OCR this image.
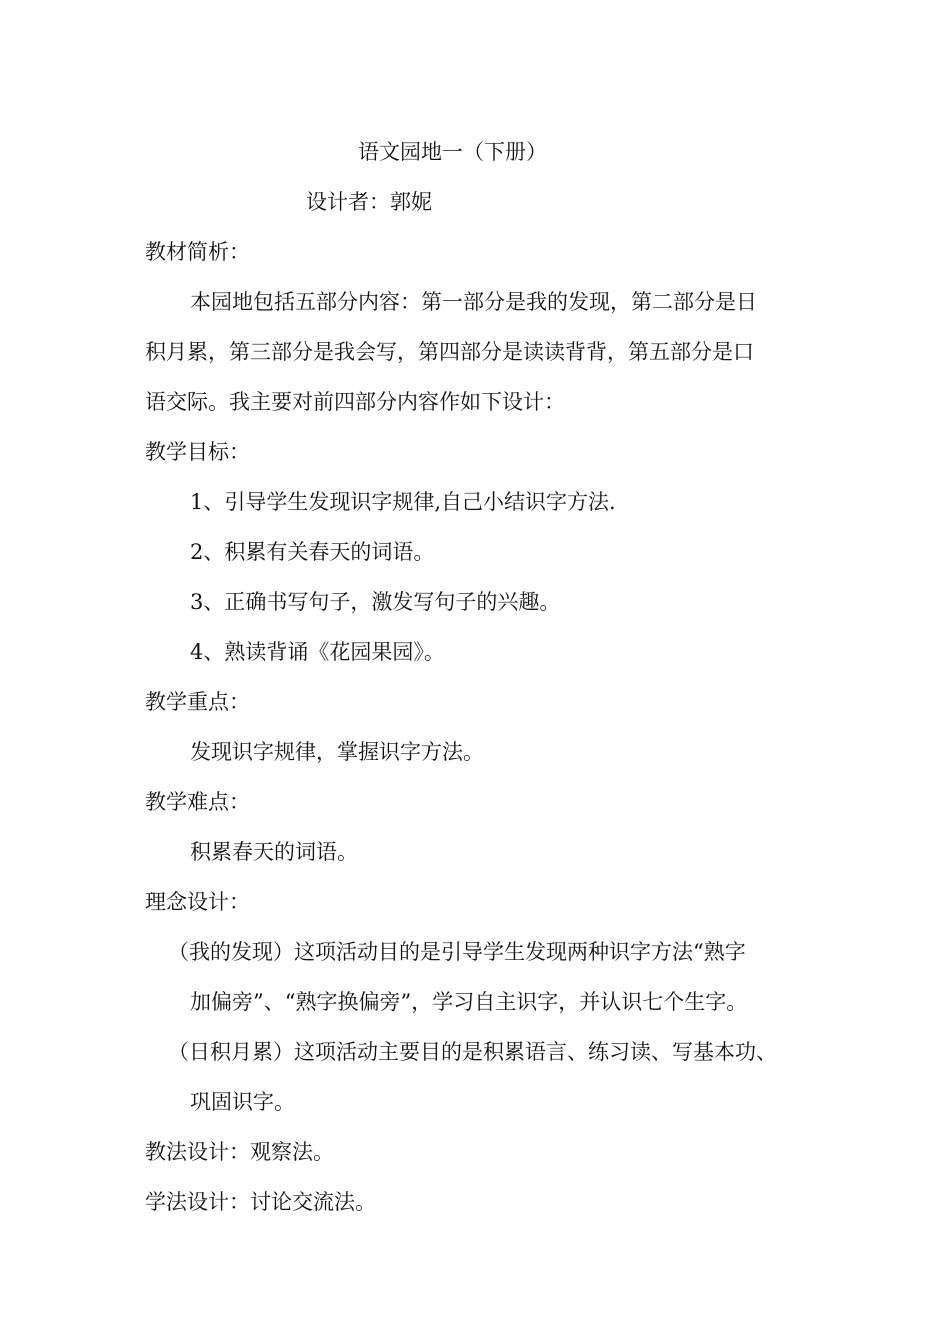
语文园地一（下册）
设计者：郭妮
教材简析：
本园地包括五部分内容：第一部分是我的发现，第二部分是日
积月累，第三部分是我会写，第四部分是读读背背，第五部分是口
语交际。我主要对前四部分内容作如下设计：
教学目标：
1、引导学生发现识字规律,自己小结识字方法.
2、积累有关春天的词语。
3、正确书写句子，激发写句子的兴趣。
4、熟读背诵《花园果园》。
教学重点：
发现识字规律，掌握识字方法。
教学难点：
积累春天的词语。
理念设计：
（我的发现）这项活动目的是引导学生发现两种识字方法“熟字
加偏旁”、“熟字换偏旁”，学习自主识字，并认识七个生字。
（日积月累）这项活动主要目的是积累语言、练习读、写基本功、
巩固识字。
教法设计：观察法。
学法设计：讨论交流法。
